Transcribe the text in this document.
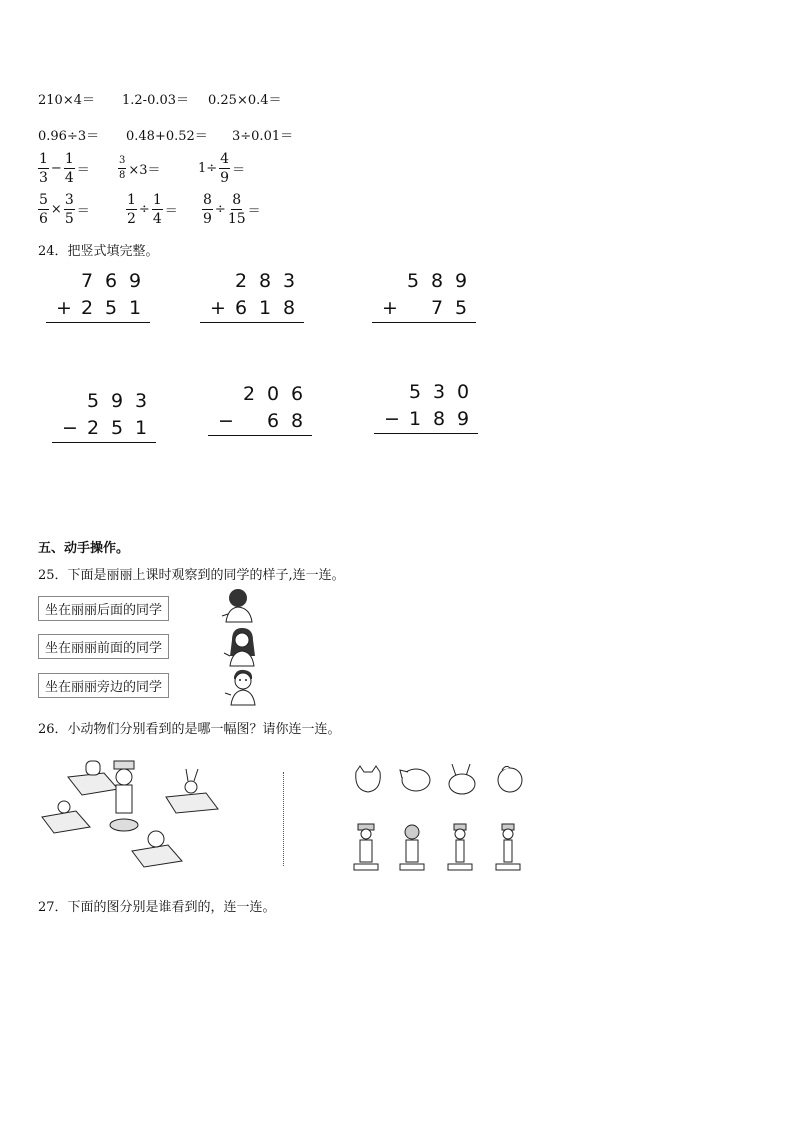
210×4＝ 1.2-0.03＝ 0.25×0.4＝
0.96÷3＝ 0.48+0.52＝ 3÷0.01＝
$\frac{1}{3} - \frac{1}{4}$ ＝	$\frac{3}{8} \times 3=$	$1\div \frac{4}{9}$ ＝
$\frac{5}{6} \times \frac{3}{5}$ ＝	$\frac{1}{2} \div \frac{1}{4} = \frac{8}{9} \div \frac{8}{15}$ ＝
24．把竖式填完整。
7 6 9
+ 2 5 1
2 8 3
+ 6 1 8
5 8 9
+ 7 5
5 9 3
− 2 5 1
2 0 6
− 6 8
5 3 0
− 1 8 9
五、动手操作。
25．下面是丽丽上课时观察到的同学的样子,连一连。
坐在丽丽后面的同学
坐在丽丽前面的同学
坐在丽丽旁边的同学
26．小动物们分别看到的是哪一幅图？请你连一连。
27．下面的图分别是谁看到的，连一连。
